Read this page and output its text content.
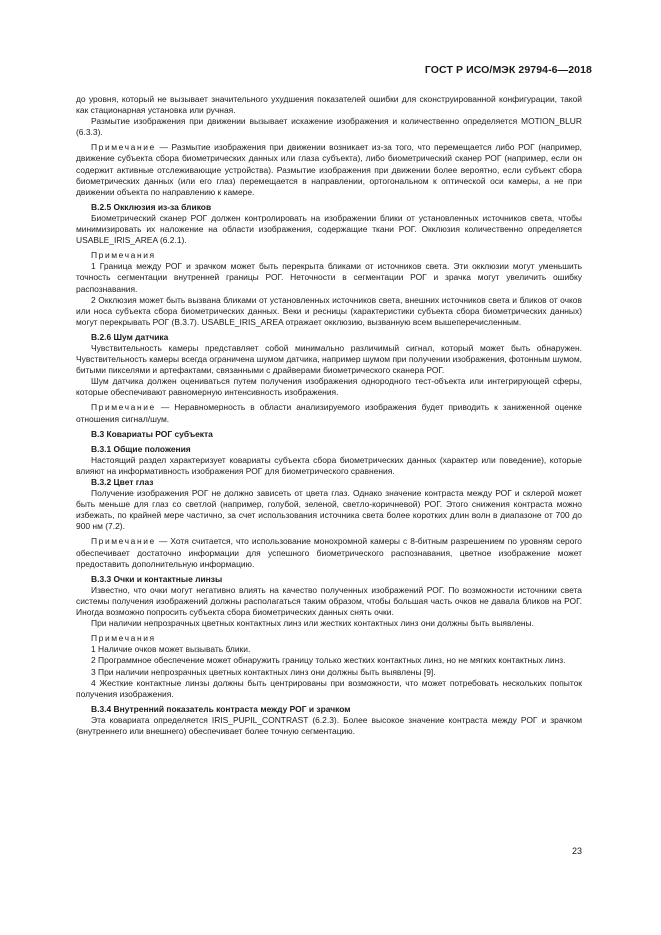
ГОСТ Р ИСО/МЭК 29794-6—2018

до уровня, который не вызывает значительного ухудшения показателей ошибки для сконструированной конфигурации, такой как стационарная установка или ручная.

Размытие изображения при движении вызывает искажение изображения и количественно определяется MOTION_BLUR (6.3.3).

Примечание — Размытие изображения при движении возникает из-за того, что перемещается либо РОГ (например, движение субъекта сбора биометрических данных или глаза субъекта), либо биометрический сканер РОГ (например, если он содержит активные отслеживающие устройства). Размытие изображения при движении более вероятно, если субъект сбора биометрических данных (или его глаз) перемещается в направлении, ортогональном к оптической оси камеры, а не при движении объекта по направлению к камере.

В.2.5 Окклюзия из-за бликов

Биометрический сканер РОГ должен контролировать на изображении блики от установленных источников света, чтобы минимизировать их наложение на области изображения, содержащие ткани РОГ. Окклюзия количественно определяется USABLE_IRIS_AREA (6.2.1).

Примечания

1 Граница между РОГ и зрачком может быть перекрыта бликами от источников света. Эти окклюзии могут уменьшить точность сегментации внутренней границы РОГ. Неточности в сегментации РОГ и зрачка могут увеличить ошибку распознавания.

2 Окклюзия может быть вызвана бликами от установленных источников света, внешних источников света и бликов от очков или носа субъекта сбора биометрических данных. Веки и ресницы (характеристики субъекта сбора биометрических данных) могут перекрывать РОГ (В.3.7). USABLE_IRIS_AREA отражает окклюзию, вызванную всем вышеперечисленным.

В.2.6 Шум датчика

Чувствительность камеры представляет собой минимально различимый сигнал, который может быть обнаружен. Чувствительность камеры всегда ограничена шумом датчика, например шумом при получении изображения, фотонным шумом, битыми пикселями и артефактами, связанными с драйверами биометрического сканера РОГ.

Шум датчика должен оцениваться путем получения изображения однородного тест-объекта или интегрирующей сферы, которые обеспечивают равномерную интенсивность изображения.

Примечание — Неравномерность в области анализируемого изображения будет приводить к заниженной оценке отношения сигнал/шум.

В.3 Ковариаты РОГ субъекта

В.3.1 Общие положения

Настоящий раздел характеризует ковариаты субъекта сбора биометрических данных (характер или поведение), которые влияют на информативность изображения РОГ для биометрического сравнения.

В.3.2 Цвет глаз

Получение изображения РОГ не должно зависеть от цвета глаз. Однако значение контраста между РОГ и склерой может быть меньше для глаз со светлой (например, голубой, зеленой, светло-коричневой) РОГ. Этого снижения контраста можно избежать, по крайней мере частично, за счет использования источника света более коротких длин волн в диапазоне от 700 до 900 нм (7.2).

Примечание — Хотя считается, что использование монохромной камеры с 8-битным разрешением по уровням серого обеспечивает достаточно информации для успешного биометрического распознавания, цветное изображение может предоставить дополнительную информацию.

В.3.3 Очки и контактные линзы

Известно, что очки могут негативно влиять на качество полученных изображений РОГ. По возможности источники света системы получения изображений должны располагаться таким образом, чтобы большая часть очков не давала бликов на РОГ. Иногда возможно попросить субъекта сбора биометрических данных снять очки.

При наличии непрозрачных цветных контактных линз или жестких контактных линз они должны быть выявлены.

Примечания

1 Наличие очков может вызывать блики.

2 Программное обеспечение может обнаружить границу только жестких контактных линз, но не мягких контактных линз.

3 При наличии непрозрачных цветных контактных линз они должны быть выявлены [9].

4 Жесткие контактные линзы должны быть центрированы при возможности, что может потребовать нескольких попыток получения изображения.

В.3.4 Внутренний показатель контраста между РОГ и зрачком

Эта ковариата определяется IRIS_PUPIL_CONTRAST (6.2.3). Более высокое значение контраста между РОГ и зрачком (внутреннего или внешнего) обеспечивает более точную сегментацию.

23
